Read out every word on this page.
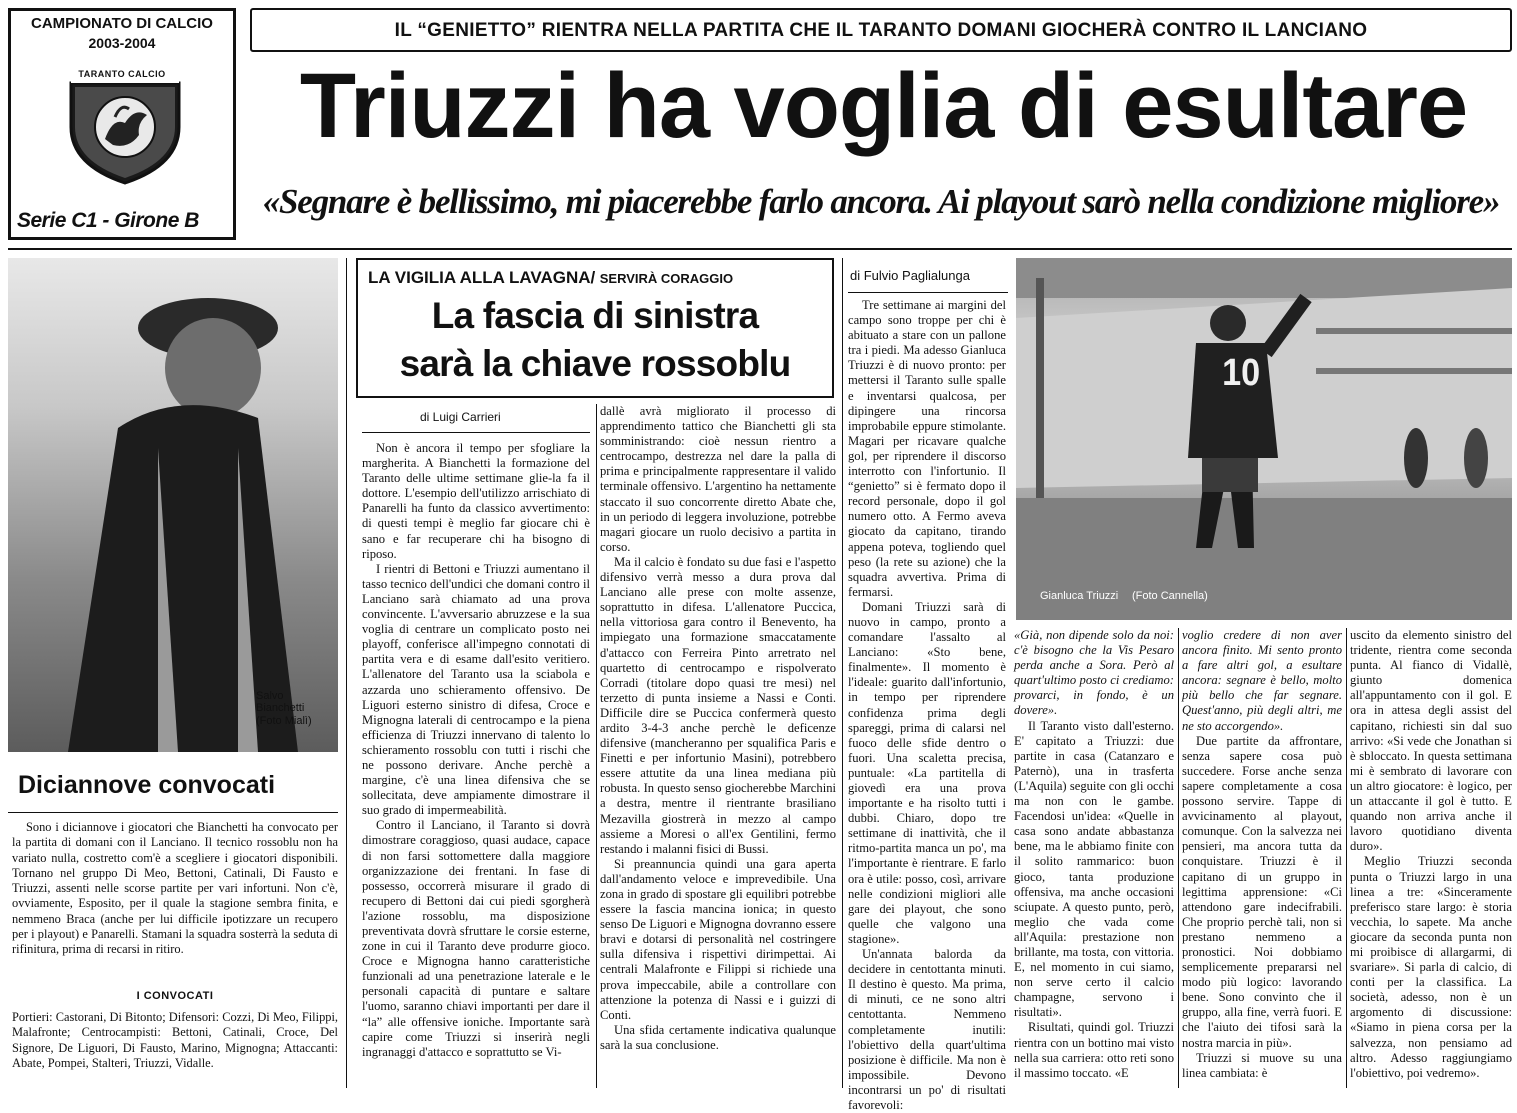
CAMPIONATO DI CALCIO
2003-2004
TARANTO CALCIO
Serie C1 - Girone B
IL “GENIETTO” RIENTRA NELLA PARTITA CHE IL TARANTO DOMANI GIOCHERÀ CONTRO IL LANCIANO
Triuzzi ha voglia di esultare
«Segnare è bellissimo, mi piacerebbe farlo ancora. Ai playout sarò nella condizione migliore»
Salvo Bianchetti
(Foto Mialì)
Diciannove convocati

Sono i diciannove i giocatori che Bianchetti ha convocato per la partita di domani con il Lanciano. Il tecnico rossoblu non ha variato nulla, costretto com'è a scegliere i giocatori disponibili. Tornano nel gruppo Di Meo, Bettoni, Catinali, Di Fausto e Triuzzi, assenti nelle scorse partite per vari infortuni. Non c'è, ovviamente, Esposito, per il quale la stagione sembra finita, e nemmeno Braca (anche per lui difficile ipotizzare un recupero per i playout) e Panarelli. Stamani la squadra sosterrà la seduta di rifinitura, prima di recarsi in ritiro.

I CONVOCATI

Portieri: Castorani, Di Bitonto; Difensori: Cozzi, Di Meo, Filippi, Malafronte; Centrocampisti: Bettoni, Catinali, Croce, Del Signore, De Liguori, Di Fausto, Marino, Mignogna; Attaccanti: Abate, Pompei, Stalteri, Triuzzi, Vidalle.

LA VIGILIA ALLA LAVAGNA/ SERVIRÀ CORAGGIO
La fascia di sinistra
sarà la chiave rossoblu
di Luigi Carrieri

Non è ancora il tempo per sfogliare la margherita. A Bianchetti la formazione del Taranto delle ultime settimane glie-la fa il dottore. L'esempio dell'utilizzo arrischiato di Panarelli ha funto da classico avvertimento: di questi tempi è meglio far giocare chi è sano e far recuperare chi ha bisogno di riposo.

I rientri di Bettoni e Triuzzi aumentano il tasso tecnico dell'undici che domani contro il Lanciano sarà chiamato ad una prova convincente. L'avversario abruzzese e la sua voglia di centrare un complicato posto nei playoff, conferisce all'impegno connotati di partita vera e di esame dall'esito veritiero. L'allenatore del Taranto usa la sciabola e azzarda uno schieramento offensivo. De Liguori esterno sinistro di difesa, Croce e Mignogna laterali di centrocampo e la piena efficienza di Triuzzi innervano di talento lo schieramento rossoblu con tutti i rischi che ne possono derivare. Anche perchè a margine, c'è una linea difensiva che se sollecitata, deve ampiamente dimostrare il suo grado di impermeabilità.

Contro il Lanciano, il Taranto si dovrà dimostrare coraggioso, quasi audace, capace di non farsi sottomettere dalla maggiore organizzazione dei frentani. In fase di possesso, occorrerà misurare il grado di recupero di Bettoni dai cui piedi sgorgherà l'azione rossoblu, ma disposizione preventivata dovrà sfruttare le corsie esterne, zone in cui il Taranto deve produrre gioco. Croce e Mignogna hanno caratteristiche funzionali ad una penetrazione laterale e le personali capacità di puntare e saltare l'uomo, saranno chiavi importanti per dare il “la” alle offensive ioniche. Importante sarà capire come Triuzzi si inserirà negli ingranaggi d'attacco e soprattutto se Vi-

dallè avrà migliorato il processo di apprendimento tattico che Bianchetti gli sta somministrando: cioè nessun rientro a centrocampo, destrezza nel dare la palla di prima e principalmente rappresentare il valido terminale offensivo. L'argentino ha nettamente staccato il suo concorrente diretto Abate che, in un periodo di leggera involuzione, potrebbe magari giocare un ruolo decisivo a partita in corso.

Ma il calcio è fondato su due fasi e l'aspetto difensivo verrà messo a dura prova dal Lanciano alle prese con molte assenze, soprattutto in difesa. L'allenatore Puccica, nella vittoriosa gara contro il Benevento, ha impiegato una formazione smaccatamente d'attacco con Ferreira Pinto arretrato nel quartetto di centrocampo e rispolverato Corradi (titolare dopo quasi tre mesi) nel terzetto di punta insieme a Nassi e Conti. Difficile dire se Puccica confermerà questo ardito 3-4-3 anche perchè le deficenze difensive (mancheranno per squalifica Paris e Finetti e per infortunio Masini), potrebbero essere attutite da una linea mediana più robusta. In questo senso giocherebbe Marchini a destra, mentre il rientrante brasiliano Mezavilla giostrerà in mezzo al campo assieme a Moresi o all'ex Gentilini, fermo restando i malanni fisici di Bussi.

Si preannuncia quindi una gara aperta dall'andamento veloce e imprevedibile. Una zona in grado di spostare gli equilibri potrebbe essere la fascia mancina ionica; in questo senso De Liguori e Mignogna dovranno essere bravi e dotarsi di personalità nel costringere sulla difensiva i rispettivi dirimpettai. Ai centrali Malafronte e Filippi si richiede una prova impeccabile, abile a controllare con attenzione la potenza di Nassi e i guizzi di Conti.

Una sfida certamente indicativa qualunque sarà la sua conclusione.

di Fulvio Paglialunga

Tre settimane ai margini del campo sono troppe per chi è abituato a stare con un pallone tra i piedi. Ma adesso Gianluca Triuzzi è di nuovo pronto: per mettersi il Taranto sulle spalle e inventarsi qualcosa, per dipingere una rincorsa improbabile eppure stimolante. Magari per ricavare qualche gol, per riprendere il discorso interrotto con l'infortunio. Il “genietto” si è fermato dopo il record personale, dopo il gol numero otto. A Fermo aveva giocato da capitano, tirando appena poteva, togliendo quel peso (la rete su azione) che la squadra avvertiva. Prima di fermarsi.

Domani Triuzzi sarà di nuovo in campo, pronto a comandare l'assalto al Lanciano: «Sto bene, finalmente». Il momento è l'ideale: guarito dall'infortunio, in tempo per riprendere confidenza prima degli spareggi, prima di calarsi nel fuoco delle sfide dentro o fuori. Una scaletta precisa, puntuale: «La partitella di giovedì era una prova importante e ha risolto tutti i dubbi. Chiaro, dopo tre settimane di inattività, che il ritmo-partita manca un po', ma l'importante è rientrare. E farlo ora è utile: posso, così, arrivare nelle condizioni migliori alle gare dei playout, che sono quelle che valgono una stagione».

Un'annata balorda da decidere in centottanta minuti. Il destino è questo. Ma prima, di minuti, ce ne sono altri centottanta. Nemmeno completamente inutili: l'obiettivo della quart'ultima posizione è difficile. Ma non è impossibile. Devono incontrarsi un po' di risultati favorevoli:

10
Gianluca Triuzzi (Foto Cannella)

«Già, non dipende solo da noi: c'è bisogno che la Vis Pesaro perda anche a Sora. Però al quart'ultimo posto ci crediamo: provarci, in fondo, è un dovere».

Il Taranto visto dall'esterno. E' capitato a Triuzzi: due partite in casa (Catanzaro e Paternò), una in trasferta (L'Aquila) seguite con gli occhi ma non con le gambe. Facendosi un'idea: «Quelle in casa sono andate abbastanza bene, ma le abbiamo finite con il solito rammarico: buon gioco, tanta produzione offensiva, ma anche occasioni sciupate. A questo punto, però, meglio che vada come all'Aquila: prestazione non brillante, ma tosta, con vittoria. E, nel momento in cui siamo, non serve certo il calcio champagne, servono i risultati».

Risultati, quindi gol. Triuzzi rientra con un bottino mai visto nella sua carriera: otto reti sono il massimo toccato. «E

voglio credere di non aver ancora finito. Mi sento pronto a fare altri gol, a esultare ancora: segnare è bello, molto più bello che far segnare. Quest'anno, più degli altri, me ne sto accorgendo».

Due partite da affrontare, senza sapere cosa può succedere. Forse anche senza sapere completamente a cosa possono servire. Tappe di avvicinamento al playout, comunque. Con la salvezza nei pensieri, ma ancora tutta da conquistare. Triuzzi è il capitano di un gruppo in legittima apprensione: «Ci attendono gare indecifrabili. Che proprio perchè tali, non si prestano nemmeno a pronostici. Noi dobbiamo semplicemente prepararsi nel modo più logico: lavorando bene. Sono convinto che il gruppo, alla fine, verrà fuori. E che l'aiuto dei tifosi sarà la nostra marcia in più».

Triuzzi si muove su una linea cambiata: è

uscito da elemento sinistro del tridente, rientra come seconda punta. Al fianco di Vidallè, giunto domenica all'appuntamento con il gol. E ora in attesa degli assist del capitano, richiesti sin dal suo arrivo: «Si vede che Jonathan si è sbloccato. In questa settimana mi è sembrato di lavorare con un altro giocatore: è logico, per un attaccante il gol è tutto. E quando non arriva anche il lavoro quotidiano diventa duro».

Meglio Triuzzi seconda punta o Triuzzi largo in una linea a tre: «Sinceramente preferisco stare largo: è storia vecchia, lo sapete. Ma anche giocare da seconda punta non mi proibisce di allargarmi, di svariare». Si parla di calcio, di conti per la classifica. La società, adesso, non è un argomento di discussione: «Siamo in piena corsa per la salvezza, non pensiamo ad altro. Adesso raggiungiamo l'obiettivo, poi vedremo».
